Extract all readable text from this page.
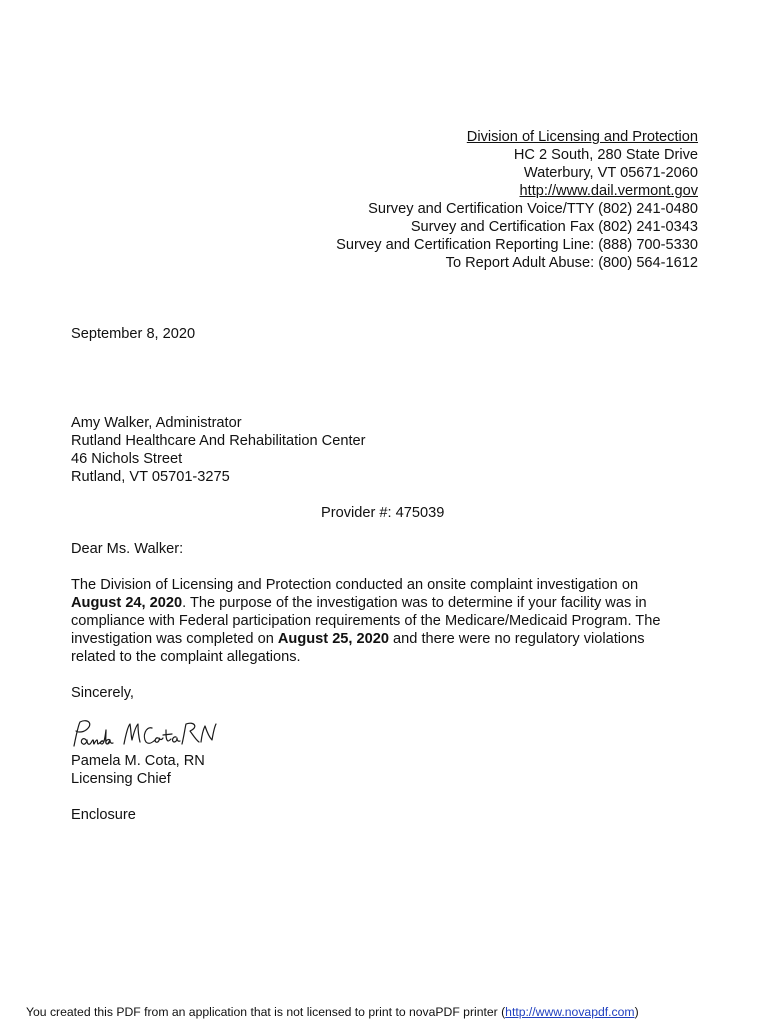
Division of Licensing and Protection
HC 2 South, 280 State Drive
Waterbury, VT 05671-2060
http://www.dail.vermont.gov
Survey and Certification Voice/TTY (802) 241-0480
Survey and Certification Fax (802) 241-0343
Survey and Certification Reporting Line: (888) 700-5330
To Report Adult Abuse: (800) 564-1612
September 8, 2020
Amy Walker, Administrator
Rutland Healthcare And Rehabilitation Center
46 Nichols Street
Rutland, VT 05701-3275
Provider #: 475039
Dear Ms. Walker:
The Division of Licensing and Protection conducted an onsite complaint investigation on
August 24, 2020. The purpose of the investigation was to determine if your facility was in
compliance with Federal participation requirements of the Medicare/Medicaid Program. The
investigation was completed on August 25, 2020 and there were no regulatory violations
related to the complaint allegations.
Sincerely,
Pamela M. Cota, RN
Licensing Chief
Enclosure
You created this PDF from an application that is not licensed to print to novaPDF printer (http://www.novapdf.com)
